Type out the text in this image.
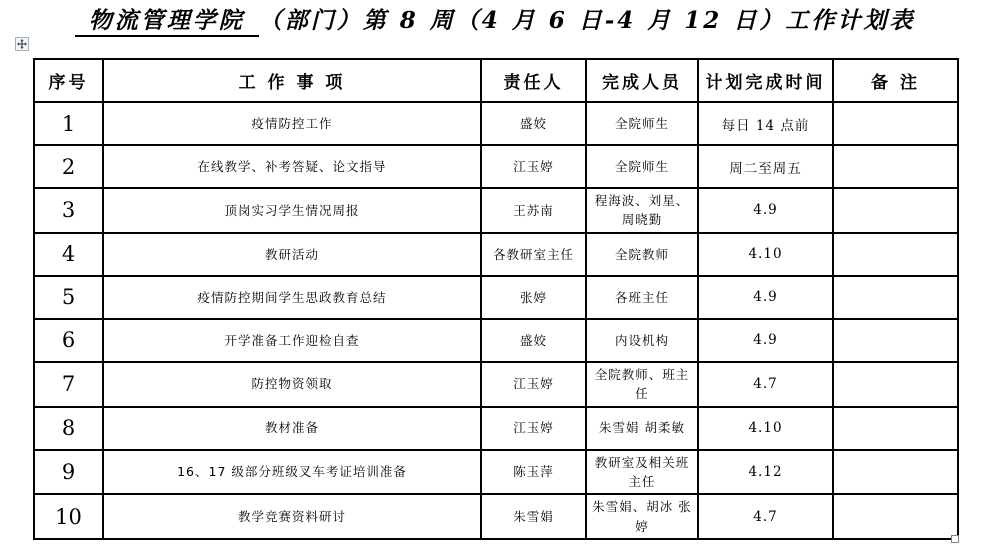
物流管理学院 （部门）第 8 周（4 月 6 日-4 月 12 日）工作计划表
序号	工 作 事 项	责任人	完成人员	计划完成时间	备 注
1	疫情防控工作	盛姣	全院师生	每日 14 点前	
2	在线教学、补考答疑、论文指导	江玉婷	全院师生	周二至周五	
3	顶岗实习学生情况周报	王苏南	程海波、刘星、周晓勤	4.9	
4	教研活动	各教研室主任	全院教师	4.10	
5	疫情防控期间学生思政教育总结	张婷	各班主任	4.9	
6	开学准备工作迎检自查	盛姣	内设机构	4.9	
7	防控物资领取	江玉婷	全院教师、班主任	4.7	
8	教材准备	江玉婷	朱雪娟 胡柔敏	4.10	
9	16、17 级部分班级叉车考证培训准备	陈玉萍	教研室及相关班主任	4.12	
10	教学竞赛资料研讨	朱雪娟	朱雪娟、胡冰 张婷	4.7	
